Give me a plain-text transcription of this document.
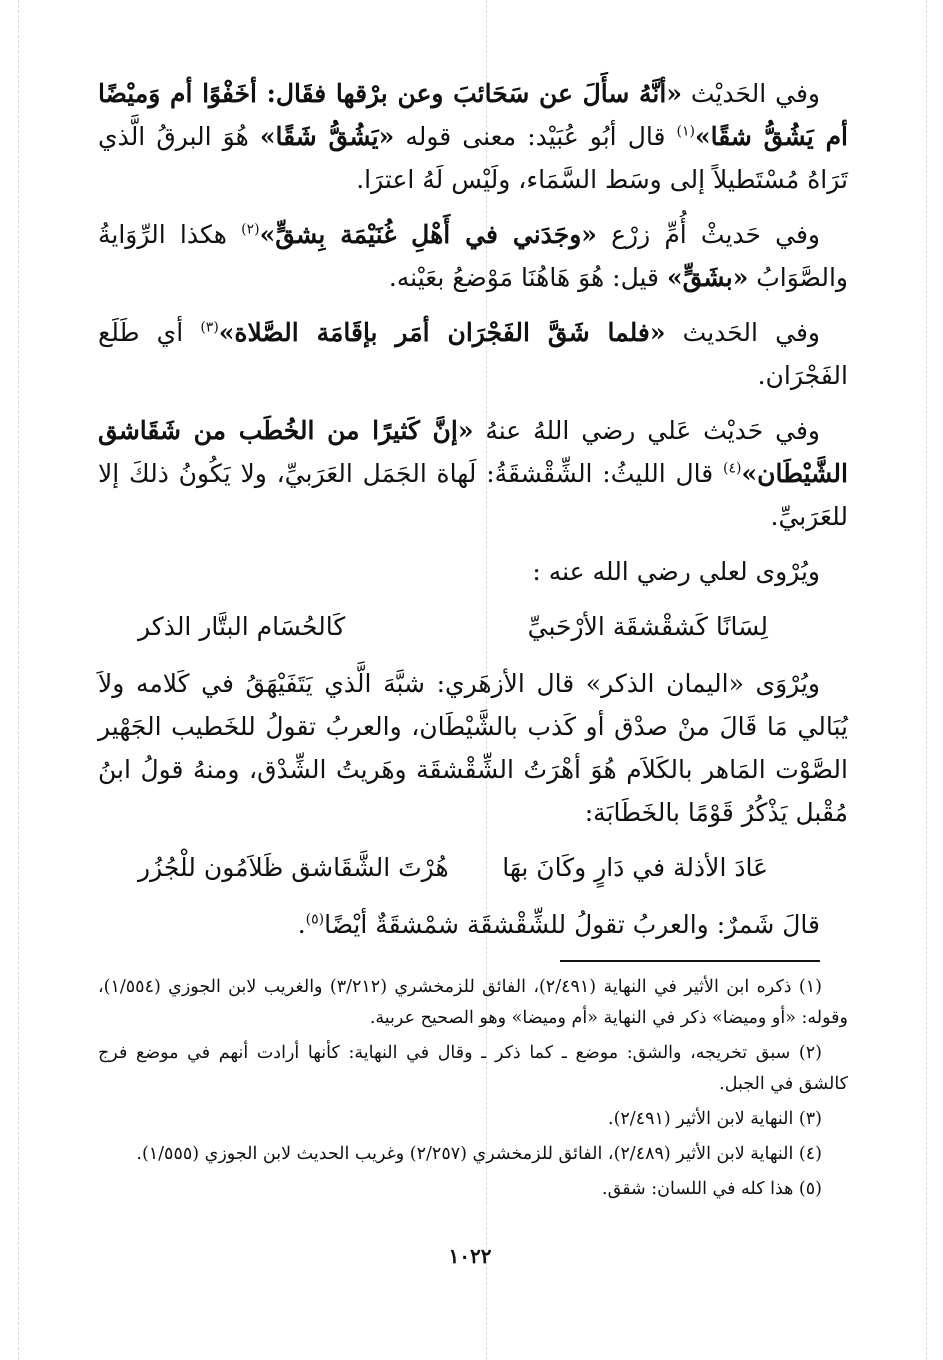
وفي الحَديْث «أنَّهُ سأَلَ عن سَحَائبَ وعن برْقها فقَال: أخَفْوًا أم وَميْضًا أم يَشُقُّ شقًا»$^{(١)}$ قال أبُو عُبَيْد: معنى قوله «يَشُقُّ شَقًا» هُوَ البرقُ الَّذي تَرَاهُ مُسْتَطيلاً إلى وسَط السَّمَاء، ولَيْس لَهُ اعترَا.

وفي حَديثْ أُمِّ زرْع «وجَدَني في أَهْلِ غُنَيْمَة بِشقٍّ»$^{(٢)}$ هكذا الرِّوَايةُ والصَّوَابُ «بشَقٍّ» قيل: هُوَ هَاهُنَا مَوْضعُ بعَيْنه.

وفي الحَديث «فلما شَقَّ الفَجْرَان أمَر بإقَامَة الصَّلاة»$^{(٣)}$ أي طَلَع الفَجْرَان.

وفي حَديْث عَلي رضي اللهُ عنهُ «إنَّ كَثيرًا من الخُطَب من شَقَاشق الشَّيْطَان»$^{(٤)}$ قال الليثُ: الشِّقْشقَةُ: لَهاة الجَمَل العَرَبيِّ، ولا يَكُونُ ذلكَ إلا للعَرَبيِّ.

ويُرْوى لعلي رضي الله عنه :

لِسَانًا كَشقْشقَة الأرْحَبيِّ
كَالحُسَام البتَّار الذكر

ويُرْوَى «اليمان الذكر» قال الأزهَري: شبَّهَ الَّذي يَتَفَيْهَقُ في كَلامه ولاَ يُبَالي مَا قَالَ منْ صدْق أو كَذب بالشَّيْطَان، والعربُ تقولُ للخَطيب الجَهْير الصَّوْت المَاهر بالكَلاَم هُوَ أهْرَتُ الشِّقْشقَة وهَريتُ الشِّدْق، ومنهُ قولُ ابنُ مُقْبل يَذْكُرُ قَوْمًا بالخَطَابَة:

عَادَ الأذلة في دَارٍ وكَانَ بهَا
هُرْتَ الشَّقَاشق ظَلاَمُون للْجُزُر

قالَ شَمرٌ: والعربُ تقولُ للشِّقْشقَة شمْشقَةٌ أيْضًا$^{(٥)}$.

(١) ذكره ابن الأثير في النهاية (٢/٤٩١)، الفائق للزمخشري (٣/٢١٢) والغريب لابن الجوزي (١/٥٥٤)، وقوله: «أو وميضا» ذكر في النهاية «أم وميضا» وهو الصحيح عربية.

(٢) سبق تخريجه، والشق: موضع ـ كما ذكر ـ وقال في النهاية: كأنها أرادت أنهم في موضع فرج كالشق في الجبل.

(٣) النهاية لابن الأثير (٢/٤٩١).

(٤) النهاية لابن الأثير (٢/٤٨٩)، الفائق للزمخشري (٢/٢٥٧) وغريب الحديث لابن الجوزي (١/٥٥٥).

(٥) هذا كله في اللسان: شقق.

١٠٢٢
